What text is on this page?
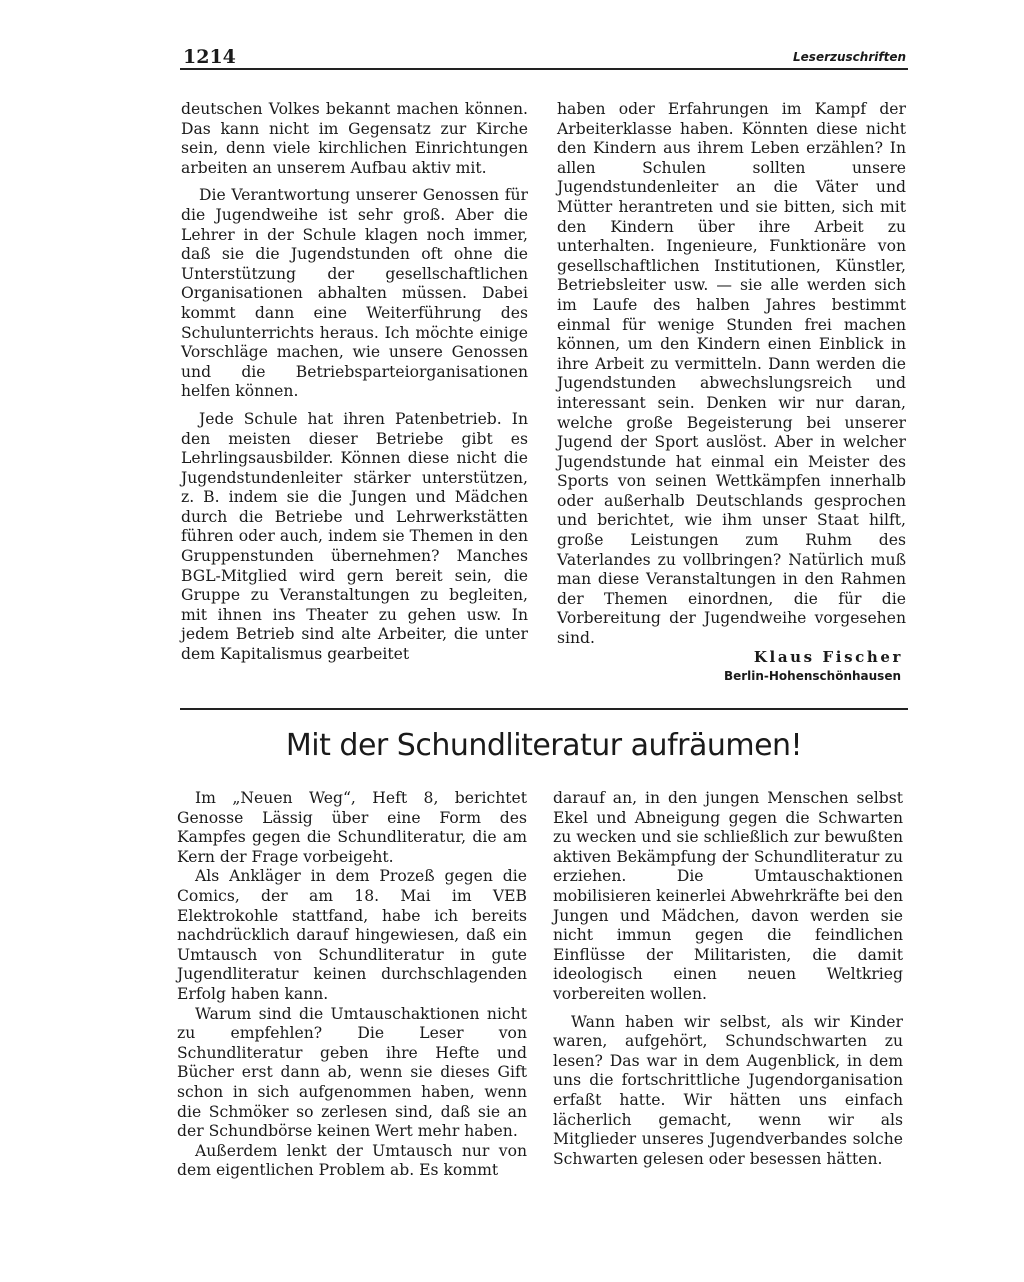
1214	Leserzuschriften

deutschen Volkes bekannt machen können. Das kann nicht im Gegensatz zur Kirche sein, denn viele kirchlichen Einrichtungen arbeiten an unserem Aufbau aktiv mit.

Die Verantwortung unserer Genossen für die Jugendweihe ist sehr groß. Aber die Lehrer in der Schule klagen noch immer, daß sie die Jugendstunden oft ohne die Unterstützung der gesellschaftlichen Organisationen abhalten müssen. Dabei kommt dann eine Weiterführung des Schulunterrichts heraus. Ich möchte einige Vorschläge machen, wie unsere Genossen und die Betriebsparteiorganisationen helfen können.

Jede Schule hat ihren Patenbetrieb. In den meisten dieser Betriebe gibt es Lehrlingsausbilder. Können diese nicht die Jugendstundenleiter stärker unterstützen, z. B. indem sie die Jungen und Mädchen durch die Betriebe und Lehrwerkstätten führen oder auch, indem sie Themen in den Gruppenstunden übernehmen? Manches BGL-Mitglied wird gern bereit sein, die Gruppe zu Veranstaltungen zu begleiten, mit ihnen ins Theater zu gehen usw. In jedem Betrieb sind alte Arbeiter, die unter dem Kapitalismus gearbeitet

haben oder Erfahrungen im Kampf der Arbeiterklasse haben. Könnten diese nicht den Kindern aus ihrem Leben erzählen? In allen Schulen sollten unsere Jugendstundenleiter an die Väter und Mütter herantreten und sie bitten, sich mit den Kindern über ihre Arbeit zu unterhalten. Ingenieure, Funktionäre von gesellschaftlichen Institutionen, Künstler, Betriebsleiter usw. — sie alle werden sich im Laufe des halben Jahres bestimmt einmal für wenige Stunden frei machen können, um den Kindern einen Einblick in ihre Arbeit zu vermitteln. Dann werden die Jugendstunden abwechslungsreich und interessant sein. Denken wir nur daran, welche große Begeisterung bei unserer Jugend der Sport auslöst. Aber in welcher Jugendstunde hat einmal ein Meister des Sports von seinen Wettkämpfen innerhalb oder außerhalb Deutschlands gesprochen und berichtet, wie ihm unser Staat hilft, große Leistungen zum Ruhm des Vaterlandes zu vollbringen? Natürlich muß man diese Veranstaltungen in den Rahmen der Themen einordnen, die für die Vorbereitung der Jugendweihe vorgesehen sind.

Klaus Fischer
Berlin-Hohenschönhausen
Mit der Schundliteratur aufräumen!

Im „Neuen Weg“, Heft 8, berichtet Genosse Lässig über eine Form des Kampfes gegen die Schundliteratur, die am Kern der Frage vorbeigeht.

Als Ankläger in dem Prozeß gegen die Comics, der am 18. Mai im VEB Elektrokohle stattfand, habe ich bereits nachdrücklich darauf hingewiesen, daß ein Umtausch von Schundliteratur in gute Jugendliteratur keinen durchschlagenden Erfolg haben kann.

Warum sind die Umtauschaktionen nicht zu empfehlen? Die Leser von Schundliteratur geben ihre Hefte und Bücher erst dann ab, wenn sie dieses Gift schon in sich aufgenommen haben, wenn die Schmöker so zerlesen sind, daß sie an der Schundbörse keinen Wert mehr haben.

Außerdem lenkt der Umtausch nur von dem eigentlichen Problem ab. Es kommt

darauf an, in den jungen Menschen selbst Ekel und Abneigung gegen die Schwarten zu wecken und sie schließlich zur bewußten aktiven Bekämpfung der Schundliteratur zu erziehen. Die Umtauschaktionen mobilisieren keinerlei Abwehrkräfte bei den Jungen und Mädchen, davon werden sie nicht immun gegen die feindlichen Einflüsse der Militaristen, die damit ideologisch einen neuen Weltkrieg vorbereiten wollen.

Wann haben wir selbst, als wir Kinder waren, aufgehört, Schundschwarten zu lesen? Das war in dem Augenblick, in dem uns die fortschrittliche Jugendorganisation erfaßt hatte. Wir hätten uns einfach lächerlich gemacht, wenn wir als Mitglieder unseres Jugendverbandes solche Schwarten gelesen oder besessen hätten.
